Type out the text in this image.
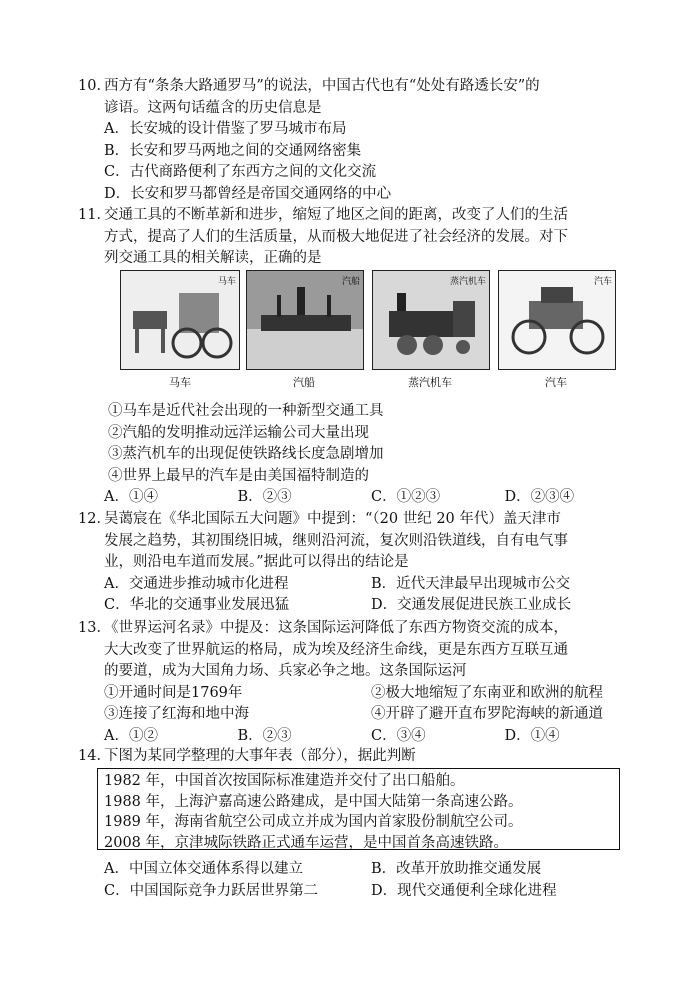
10．西方有“条条大路通罗马”的说法，中国古代也有“处处有路透长安”的
谚语。这两句话蕴含的历史信息是
A．长安城的设计借鉴了罗马城市布局
B．长安和罗马两地之间的交通网络密集
C．古代商路便利了东西方之间的文化交流
D．长安和罗马都曾经是帝国交通网络的中心
11．交通工具的不断革新和进步，缩短了地区之间的距离，改变了人们的生活
方式，提高了人们的生活质量，从而极大地促进了社会经济的发展。对下
列交通工具的相关解读，正确的是
马车	汽船	蒸汽机车	汽车
马车	汽船	蒸汽机车	汽车
①马车是近代社会出现的一种新型交通工具
②汽船的发明推动远洋运输公司大量出现
③蒸汽机车的出现促使铁路线长度急剧增加
④世界上最早的汽车是由美国福特制造的
A．①④	B．②③	C．①②③	D．②③④
12．吴蔼宸在《华北国际五大问题》中提到：“（20 世纪 20 年代）盖天津市
发展之趋势，其初围绕旧城，继则沿河流，复次则沿铁道线，自有电气事
业，则沿电车道而发展。”据此可以得出的结论是
A．交通进步推动城市化进程	B．近代天津最早出现城市公交
C．华北的交通事业发展迅猛	D．交通发展促进民族工业成长
13．《世界运河名录》中提及：这条国际运河降低了东西方物资交流的成本，
大大改变了世界航运的格局，成为埃及经济生命线，更是东西方互联互通
的要道，成为大国角力场、兵家必争之地。这条国际运河
①开通时间是1769年	②极大地缩短了东南亚和欧洲的航程
③连接了红海和地中海	④开辟了避开直布罗陀海峡的新通道
A．①②	B．②③	C．③④	D．①④
14．下图为某同学整理的大事年表（部分），据此判断
1982 年，中国首次按国际标准建造并交付了出口船舶。
1988 年，上海沪嘉高速公路建成，是中国大陆第一条高速公路。
1989 年，海南省航空公司成立并成为国内首家股份制航空公司。
2008 年，京津城际铁路正式通车运营，是中国首条高速铁路。
A．中国立体交通体系得以建立	B．改革开放助推交通发展
C．中国国际竞争力跃居世界第二	D．现代交通便利全球化进程
